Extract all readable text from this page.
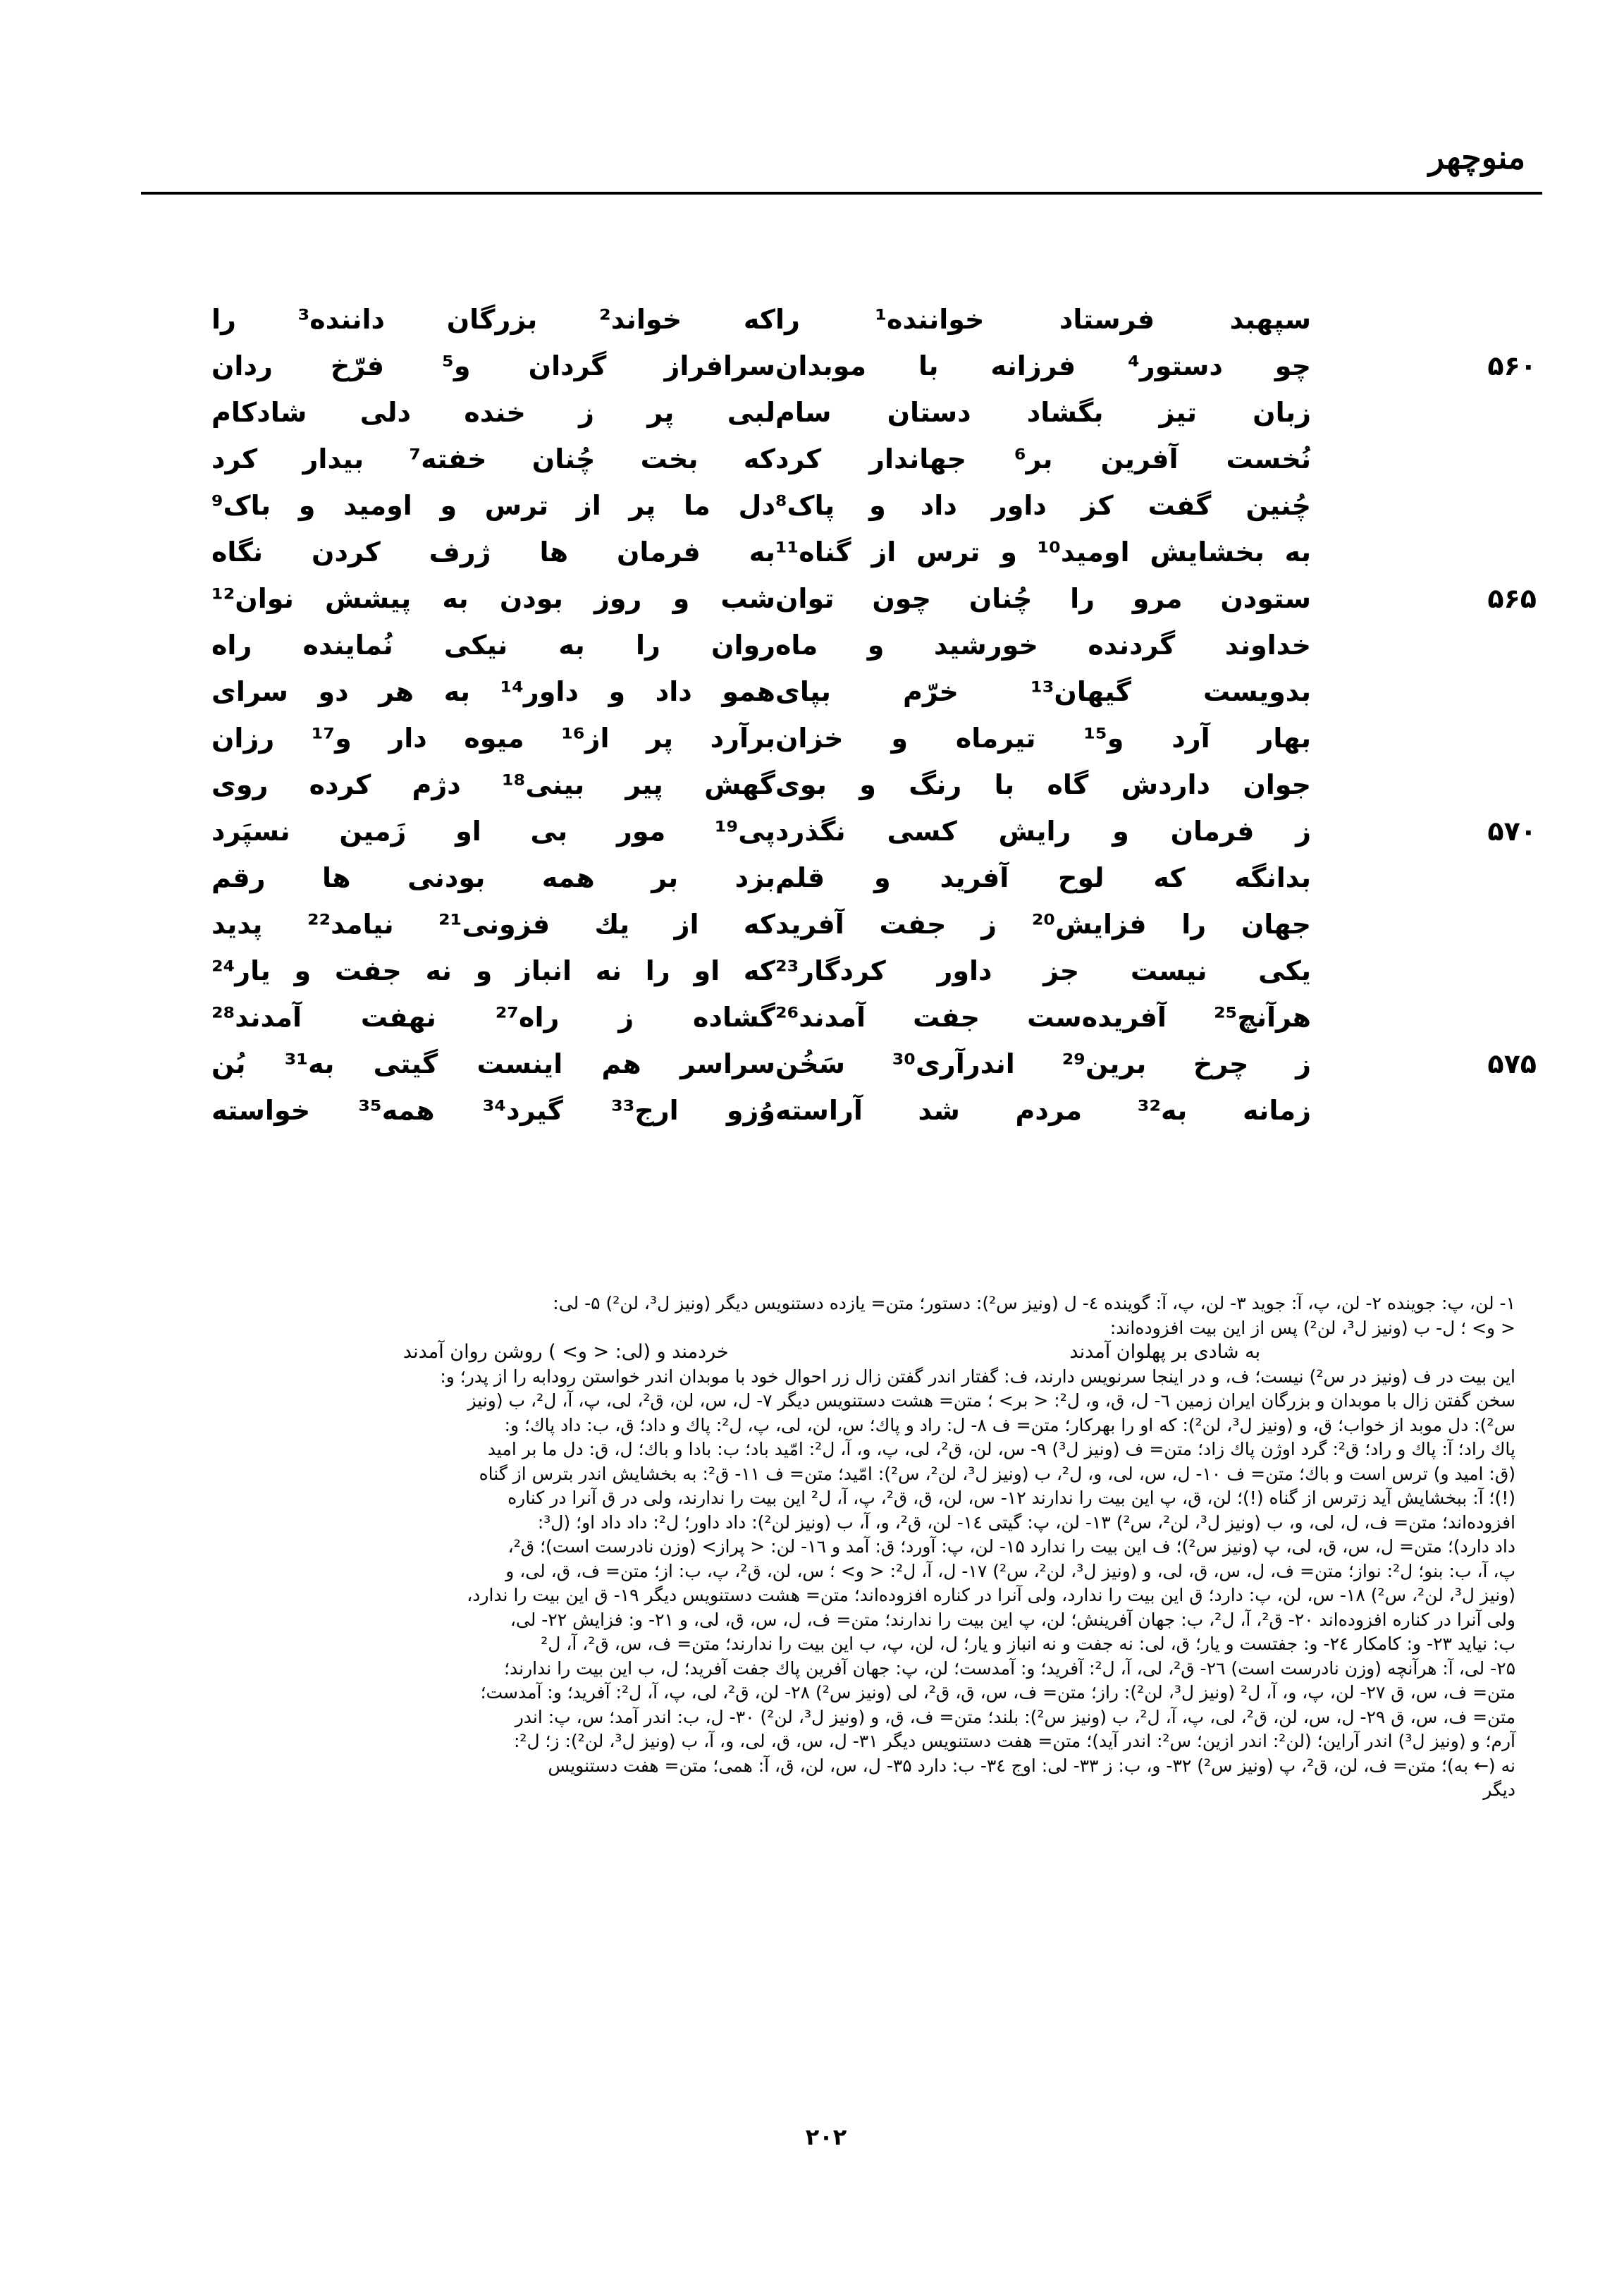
منوچهر
سپهبد فرستاد خواننده¹ را
که خواند² بزرگان داننده³ را
۵۶۰
چو دستور⁴ فرزانه با موبدان
سرافراز گردان و⁵ فرّخ ردان
زبان تیز بگشاد دستان سام
لبی پر ز خنده دلی شادکام
نُخست آفرین بر⁶ جهاندار کرد
که بخت چُنان خفته⁷ بیدار کرد
چُنین گفت کز داور داد و پاک⁸
دل ما پر از ترس و اومید و باک⁹
به بخشایش اومید¹⁰ و ترس از گناه¹¹
به فرمان ها ژرف کردن نگاه
۵۶۵
ستودن مرو را چُنان چون توان
شب و روز بودن به پیشش نوان¹²
خداوند گردنده خورشید و ماه
روان را به نیکی نُماینده راه
بدویست گیهان¹³ خرّم بپای
همو داد و داور¹⁴ به هر دو سرای
بهار آرد و¹⁵ تیرماه و خزان
برآرد پر از¹⁶ میوه دار و¹⁷ رزان
جوان داردش گاه با رنگ و بوی
گهش پیر بینی¹⁸ دژم کرده روی
۵۷۰
ز فرمان و رایش کسی نگذرد
پی¹⁹ مور بی او زَمین نسپَرد
بدانگه که لوح آفرید و قلم
بزد بر همه بودنی ها رقم
جهان را فزایش²⁰ ز جفت آفرید
که از یك فزونی²¹ نیامد²² پدید
یکی نیست جز داور کردگار²³
که او را نه انباز و نه جفت و یار²⁴
هرآنچ²⁵ آفریده‌ست جفت آمدند²⁶
گشاده ز راه²⁷ نهفت آمدند²⁸
۵۷۵
ز چرخ برین²⁹ اندرآری³⁰ سَخُن
سراسر هم اینست گیتی به³¹ بُن
زمانه به³² مردم شد آراسته
وُزو ارج³³ گیرد³⁴ همه³⁵ خواسته
۱- لن، پ: جوینده ۲- لن، پ، آ: جوید ۳- لن، پ، آ: گوینده ٤- ل (ونیز س²): دستور؛ متن= یازده دستنویس دیگر (ونیز ل³، لن²) ۵- لی:
< و> ؛ ل- ب (ونیز ل³، لن²) پس از این بیت افزوده‌اند:
به شادی بر پهلوان آمدند
خردمند و (لی: < و> ) روشن روان آمدند
این بیت در ف (ونیز در س²) نیست؛ ف، و در اینجا سرنویس دارند، ف: گفتار اندر گفتن زال زر احوال خود با موبدان اندر خواستن رودابه را از پدر؛ و:
سخن گفتن زال با موبدان و بزرگان ایران زمین ٦- ل، ق، و، ل²: < بر> ؛ متن= هشت دستنویس دیگر ۷- ل، س، لن، ق²، لی، پ، آ، ل²، ب (ونیز
س²): دل موبد از خواب؛ ق، و (ونیز ل³، لن²): که او را بهرکار؛ متن= ف ۸- ل: راد و پاك؛ س، لن، لی، پ، ل²: پاك و داد؛ ق، ب: داد پاك؛ و:
پاك راد؛ آ: پاك و راد؛ ق²: گرد اوژن پاك زاد؛ متن= ف (ونیز ل³) ۹- س، لن، ق²، لی، پ، و، آ، ل²: امّید باد؛ ب: بادا و باك؛ ل، ق: دل ما بر امید
(ق: امید و) ترس است و باك؛ متن= ف ۱۰- ل، س، لی، و، ل²، ب (ونیز ل³، لن²، س²): امّید؛ متن= ف ۱۱- ق²: به بخشایش اندر بترس از گناه
(!)؛ آ: ببخشایش آید زترس از گناه (!)؛ لن، ق، پ این بیت را ندارند ۱۲- س، لن، ق، ق²، پ، آ، ل² این بیت را ندارند، ولی در ق آنرا در کناره
افزوده‌اند؛ متن= ف، ل، لی، و، ب (ونیز ل³، لن²، س²) ۱۳- لن، پ: گیتی ١٤- لن، ق²، و، آ، ب (ونیز لن²): داد داور؛ ل²: داد داد او؛ (ل³:
داد دارد)؛ متن= ل، س، ق، لی، پ (ونیز س²)؛ ف این بیت را ندارد ۱۵- لن، پ: آورد؛ ق: آمد و ۱٦- لن: < پراز> (وزن نادرست است)؛ ق²،
پ، آ، ب: بنو؛ ل²: نواز؛ متن= ف، ل، س، ق، لی، و (ونیز ل³، لن²، س²) ۱۷- ل، آ، ل²: < و> ؛ س، لن، ق²، پ، ب: از؛ متن= ف، ق، لی، و
(ونیز ل³، لن²، س²) ۱۸- س، لن، پ: دارد؛ ق این بیت را ندارد، ولی آنرا در کناره افزوده‌اند؛ متن= هشت دستنویس دیگر ۱۹- ق این بیت را ندارد،
ولی آنرا در کناره افزوده‌اند ۲۰- ق²، آ، ل²، ب: جهان آفرینش؛ لن، پ این بیت را ندارند؛ متن= ف، ل، س، ق، لی، و ۲۱- و: فزایش ۲۲- لی،
ب: نیاید ۲۳- و: کامکار ٢٤- و: جفتست و یار؛ ق، لی: نه جفت و نه انباز و یار؛ ل، لن، پ، ب این بیت را ندارند؛ متن= ف، س، ق²، آ، ل²
۲۵- لی، آ: هرآنچه (وزن نادرست است) ۲٦- ق²، لی، آ، ل²: آفرید؛ و: آمدست؛ لن، پ: جهان آفرین پاك جفت آفرید؛ ل، ب این بیت را ندارند؛
متن= ف، س، ق ۲۷- لن، پ، و، آ، ل² (ونیز ل³، لن²): راز؛ متن= ف، س، ق، ق²، لی (ونیز س²) ۲۸- لن، ق²، لی، پ، آ، ل²: آفرید؛ و: آمدست؛
متن= ف، س، ق ۲۹- ل، س، لن، ق²، لی، پ، آ، ل²، ب (ونیز س²): بلند؛ متن= ف، ق، و (ونیز ل³، لن²) ۳۰- ل، ب: اندر آمد؛ س، پ: اندر
آرم؛ و (ونیز ل³) اندر آراین؛ (لن²: اندر ازین؛ س²: اندر آید)؛ متن= هفت دستنویس دیگر ۳۱- ل، س، ق، لی، و، آ، ب (ونیز ل³، لن²): ز؛ ل²:
نه (← به)؛ متن= ف، لن، ق²، پ (ونیز س²) ۳۲- و، ب: ز ۳۳- لی: اوج ٣٤- ب: دارد ۳۵- ل، س، لن، ق، آ: همی؛ متن= هفت دستنویس
دیگر
۲۰۲
